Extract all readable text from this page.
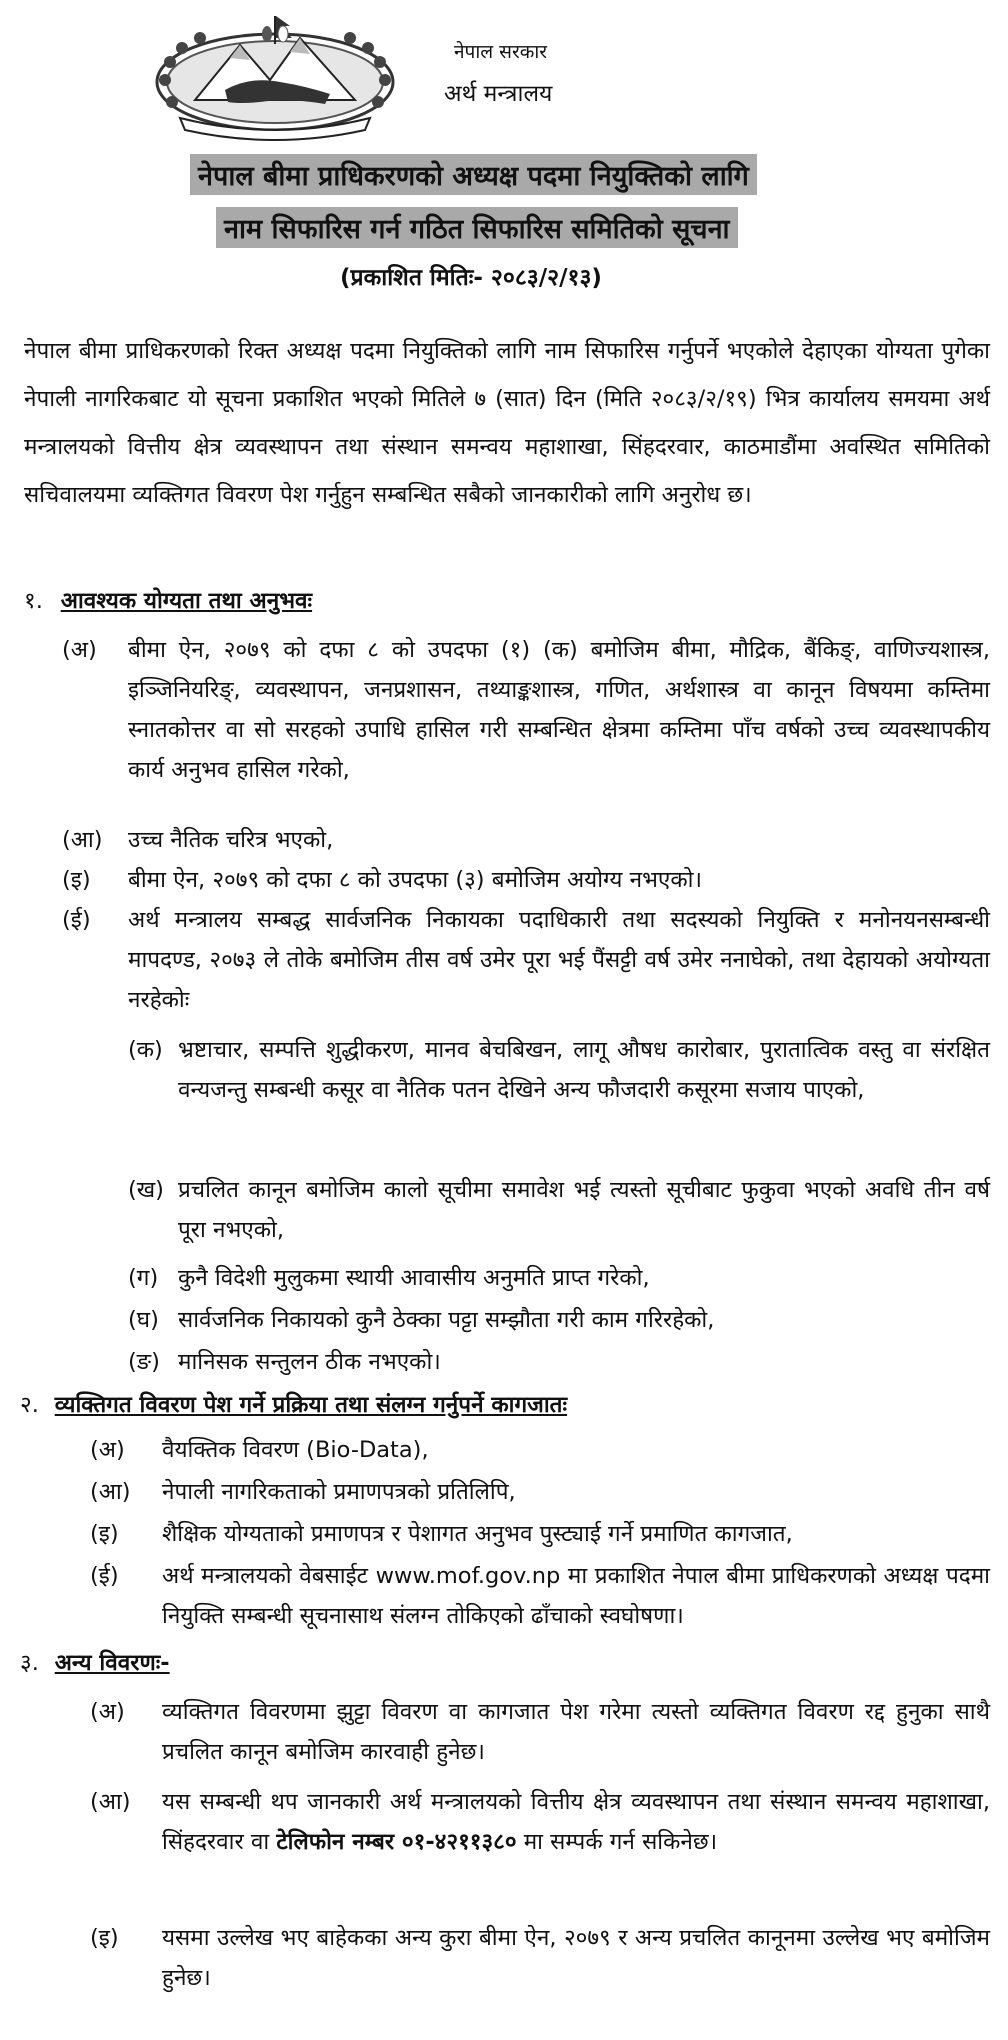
नेपाल सरकार
अर्थ मन्त्रालय
नेपाल बीमा प्राधिकरणको अध्यक्ष पदमा नियुक्तिको लागि
नाम सिफारिस गर्न गठित सिफारिस समितिको सूचना
(प्रकाशित मितिः- २०८३/२/१३)
नेपाल बीमा प्राधिकरणको रिक्त अध्यक्ष पदमा नियुक्तिको लागि नाम सिफारिस गर्नुपर्ने भएकोले देहाएका योग्यता पुगेका नेपाली नागरिकबाट यो सूचना प्रकाशित भएको मितिले ७ (सात) दिन (मिति २०८३/२/१९) भित्र कार्यालय समयमा अर्थ मन्त्रालयको वित्तीय क्षेत्र व्यवस्थापन तथा संस्थान समन्वय महाशाखा, सिंहदरवार, काठमाडौंमा अवस्थित समितिको सचिवालयमा व्यक्तिगत विवरण पेश गर्नुहुन सम्बन्धित सबैको जानकारीको लागि अनुरोध छ।
१. आवश्यक योग्यता तथा अनुभवः
(अ) बीमा ऐन, २०७९ को दफा ८ को उपदफा (१) (क) बमोजिम बीमा, मौद्रिक, बैंकिङ्, वाणिज्यशास्त्र, इञ्जिनियरिङ्, व्यवस्थापन, जनप्रशासन, तथ्याङ्कशास्त्र, गणित, अर्थशास्त्र वा कानून विषयमा कम्तिमा स्नातकोत्तर वा सो सरहको उपाधि हासिल गरी सम्बन्धित क्षेत्रमा कम्तिमा पाँच वर्षको उच्च व्यवस्थापकीय कार्य अनुभव हासिल गरेको,
(आ) उच्च नैतिक चरित्र भएको,
(इ) बीमा ऐन, २०७९ को दफा ८ को उपदफा (३) बमोजिम अयोग्य नभएको।
(ई) अर्थ मन्त्रालय सम्बद्ध सार्वजनिक निकायका पदाधिकारी तथा सदस्यको नियुक्ति र मनोनयनसम्बन्धी मापदण्ड, २०७३ ले तोके बमोजिम तीस वर्ष उमेर पूरा भई पैंसट्टी वर्ष उमेर ननाघेको, तथा देहायको अयोग्यता नरहेकोः
(क) भ्रष्टाचार, सम्पत्ति शुद्धीकरण, मानव बेचबिखन, लागू औषध कारोबार, पुरातात्विक वस्तु वा संरक्षित वन्यजन्तु सम्बन्धी कसूर वा नैतिक पतन देखिने अन्य फौजदारी कसूरमा सजाय पाएको,
(ख) प्रचलित कानून बमोजिम कालो सूचीमा समावेश भई त्यस्तो सूचीबाट फुकुवा भएको अवधि तीन वर्ष पूरा नभएको,
(ग) कुनै विदेशी मुलुकमा स्थायी आवासीय अनुमति प्राप्त गरेको,
(घ) सार्वजनिक निकायको कुनै ठेक्का पट्टा सम्झौता गरी काम गरिरहेको,
(ङ) मानिसक सन्तुलन ठीक नभएको।
२. व्यक्तिगत विवरण पेश गर्ने प्रक्रिया तथा संलग्न गर्नुपर्ने कागजातः
(अ) वैयक्तिक विवरण (Bio-Data),
(आ) नेपाली नागरिकताको प्रमाणपत्रको प्रतिलिपि,
(इ) शैक्षिक योग्यताको प्रमाणपत्र र पेशागत अनुभव पुस्ट्याई गर्ने प्रमाणित कागजात,
(ई) अर्थ मन्त्रालयको वेबसाईट www.mof.gov.np मा प्रकाशित नेपाल बीमा प्राधिकरणको अध्यक्ष पदमा नियुक्ति सम्बन्धी सूचनासाथ संलग्न तोकिएको ढाँचाको स्वघोषणा।
३. अन्य विवरणः-
(अ) व्यक्तिगत विवरणमा झुट्टा विवरण वा कागजात पेश गरेमा त्यस्तो व्यक्तिगत विवरण रद्द हुनुका साथै प्रचलित कानून बमोजिम कारवाही हुनेछ।
(आ) यस सम्बन्धी थप जानकारी अर्थ मन्त्रालयको वित्तीय क्षेत्र व्यवस्थापन तथा संस्थान समन्वय महाशाखा, सिंहदरवार वा टेलिफोन नम्बर ०१-४२११३८० मा सम्पर्क गर्न सकिनेछ।
(इ) यसमा उल्लेख भए बाहेकका अन्य कुरा बीमा ऐन, २०७९ र अन्य प्रचलित कानूनमा उल्लेख भए बमोजिम हुनेछ।
